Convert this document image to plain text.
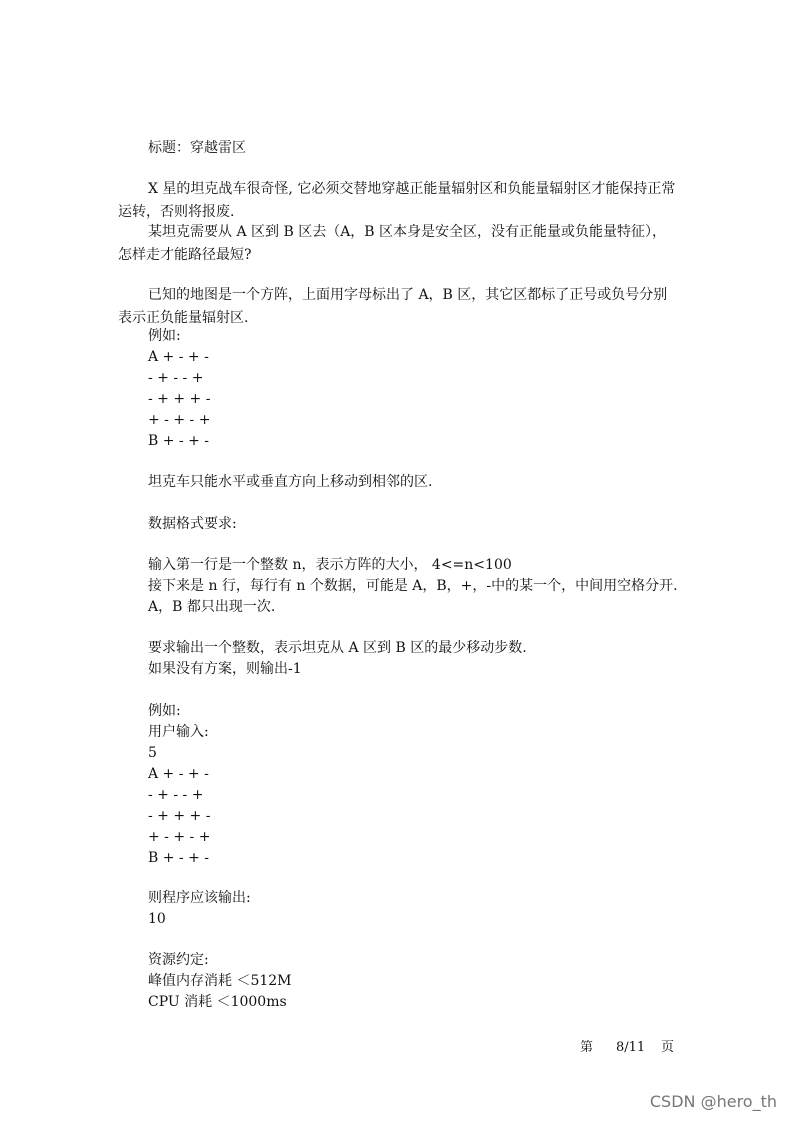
标题：穿越雷区
X 星的坦克战车很奇怪, 它必须交替地穿越正能量辐射区和负能量辐射区才能保持正常运转，否则将报废.
某坦克需要从 A 区到 B 区去（A，B 区本身是安全区，没有正能量或负能量特征），怎样走才能路径最短?
已知的地图是一个方阵，上面用字母标出了 A，B 区，其它区都标了正号或负号分别表示正负能量辐射区.
例如:
A + - + -
- + - - +
- + + + -
+ - + - +
B + - + -
坦克车只能水平或垂直方向上移动到相邻的区.
数据格式要求:
输入第一行是一个整数 n，表示方阵的大小， 4<=n<100
接下来是 n 行，每行有 n 个数据，可能是 A，B，+，-中的某一个，中间用空格分开.
A，B 都只出现一次.
要求输出一个整数，表示坦克从 A 区到 B 区的最少移动步数.
如果没有方案，则输出-1
例如:
用户输入:
5
A + - + -
- + - - +
- + + + -
+ - + - +
B + - + -
则程序应该输出:
10
资源约定:
峰值内存消耗 ＜512M
CPU 消耗 ＜1000ms
第 8/11 页
CSDN @hero_th
